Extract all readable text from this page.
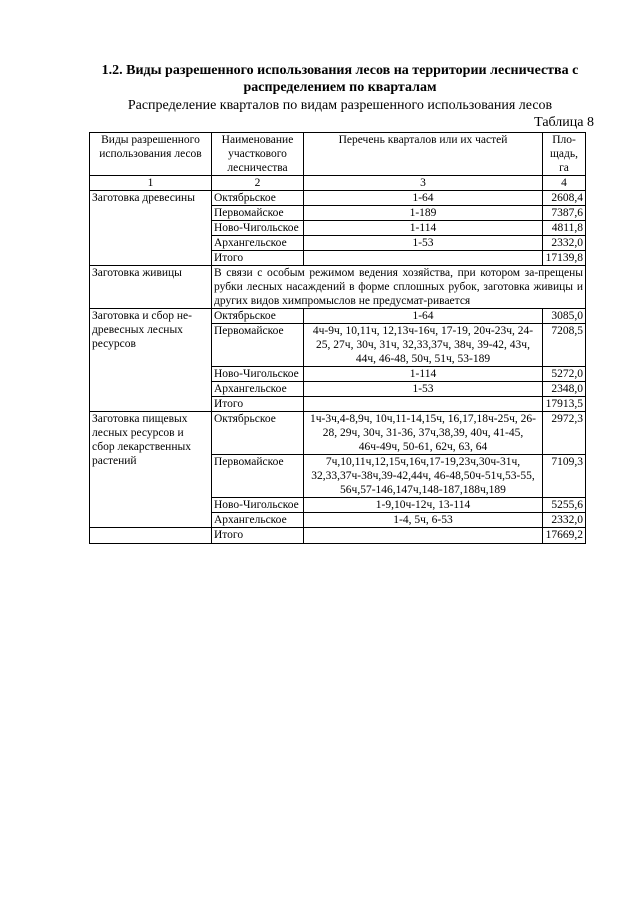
1.2. Виды разрешенного использования лесов на территории лесничества с распределением по кварталам
Распределение кварталов по видам разрешенного использования лесов
Таблица 8
Виды разрешенного использования лесов	Наименование участкового лесничества	Перечень кварталов или их частей	Пло-щадь, га
1	2	3	4
Заготовка древесины	Октябрьское	1-64	2608,4
	Первомайское	1-189	7387,6
	Ново-Чигольское	1-114	4811,8
	Архангельское	1-53	2332,0
	Итого		17139,8
Заготовка живицы	В связи с особым режимом ведения хозяйства, при котором за-прещены рубки лесных насаждений в форме сплошных рубок, заготовка живицы и других видов химпромыслов не предусмат-ривается		
Заготовка и сбор не-древесных лесных ресурсов	Октябрьское	1-64	3085,0
	Первомайское	4ч-9ч, 10,11ч, 12,13ч-16ч, 17-19, 20ч-23ч, 24-25, 27ч, 30ч, 31ч, 32,33,37ч, 38ч, 39-42, 43ч, 44ч, 46-48, 50ч, 51ч, 53-189	7208,5
	Ново-Чигольское	1-114	5272,0
	Архангельское	1-53	2348,0
	Итого		17913,5
Заготовка пищевых лесных ресурсов и сбор лекарственных растений	Октябрьское	1ч-3ч,4-8,9ч, 10ч,11-14,15ч, 16,17,18ч-25ч, 26-28, 29ч, 30ч, 31-36, 37ч,38,39, 40ч, 41-45, 46ч-49ч, 50-61, 62ч, 63, 64	2972,3
	Первомайское	7ч,10,11ч,12,15ч,16ч,17-19,23ч,30ч-31ч, 32,33,37ч-38ч,39-42,44ч, 46-48,50ч-51ч,53-55, 56ч,57-146,147ч,148-187,188ч,189	7109,3
	Ново-Чигольское	1-9,10ч-12ч, 13-114	5255,6
	Архангельское	1-4, 5ч, 6-53	2332,0
	Итого		17669,2
